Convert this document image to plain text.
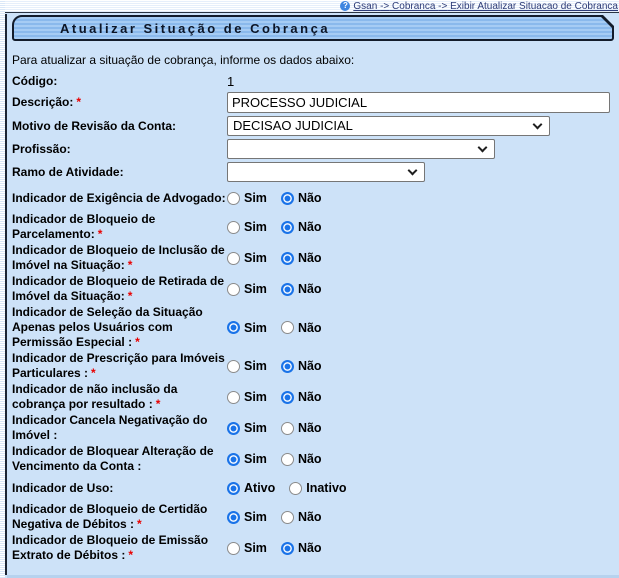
? Gsan -> Cobranca -> Exibir Atualizar Situacao de Cobranca
Atualizar Situação de Cobrança

Para atualizar a situação de cobrança, informe os dados abaixo:

Código:	1
Descrição: *
PROCESSO JUDICIAL
Motivo de Revisão da Conta:	DECISAO JUDICIAL
Profissão:
Ramo de Atividade:
Indicador de Exigência de Advogado: Sim Não
Indicador de Bloqueio de Parcelamento: *	Sim Não
Indicador de Bloqueio de Inclusão de Imóvel na Situação: *	Sim Não
Indicador de Bloqueio de Retirada de Imóvel da Situação: *	Sim Não
Indicador de Seleção da Situação Apenas pelos Usuários com Permissão Especial : *
Sim Não
Indicador de Prescrição para Imóveis Particulares : *	Sim Não
Indicador de não inclusão da cobrança por resultado : *	Sim Não
Indicador Cancela Negativação do Imóvel :	Sim Não
Indicador de Bloquear Alteração de Vencimento da Conta :	Sim Não
Indicador de Uso:	Ativo Inativo
Indicador de Bloqueio de Certidão Negativa de Débitos : *	Sim Não
Indicador de Bloqueio de Emissão Extrato de Débitos : *	Sim Não
